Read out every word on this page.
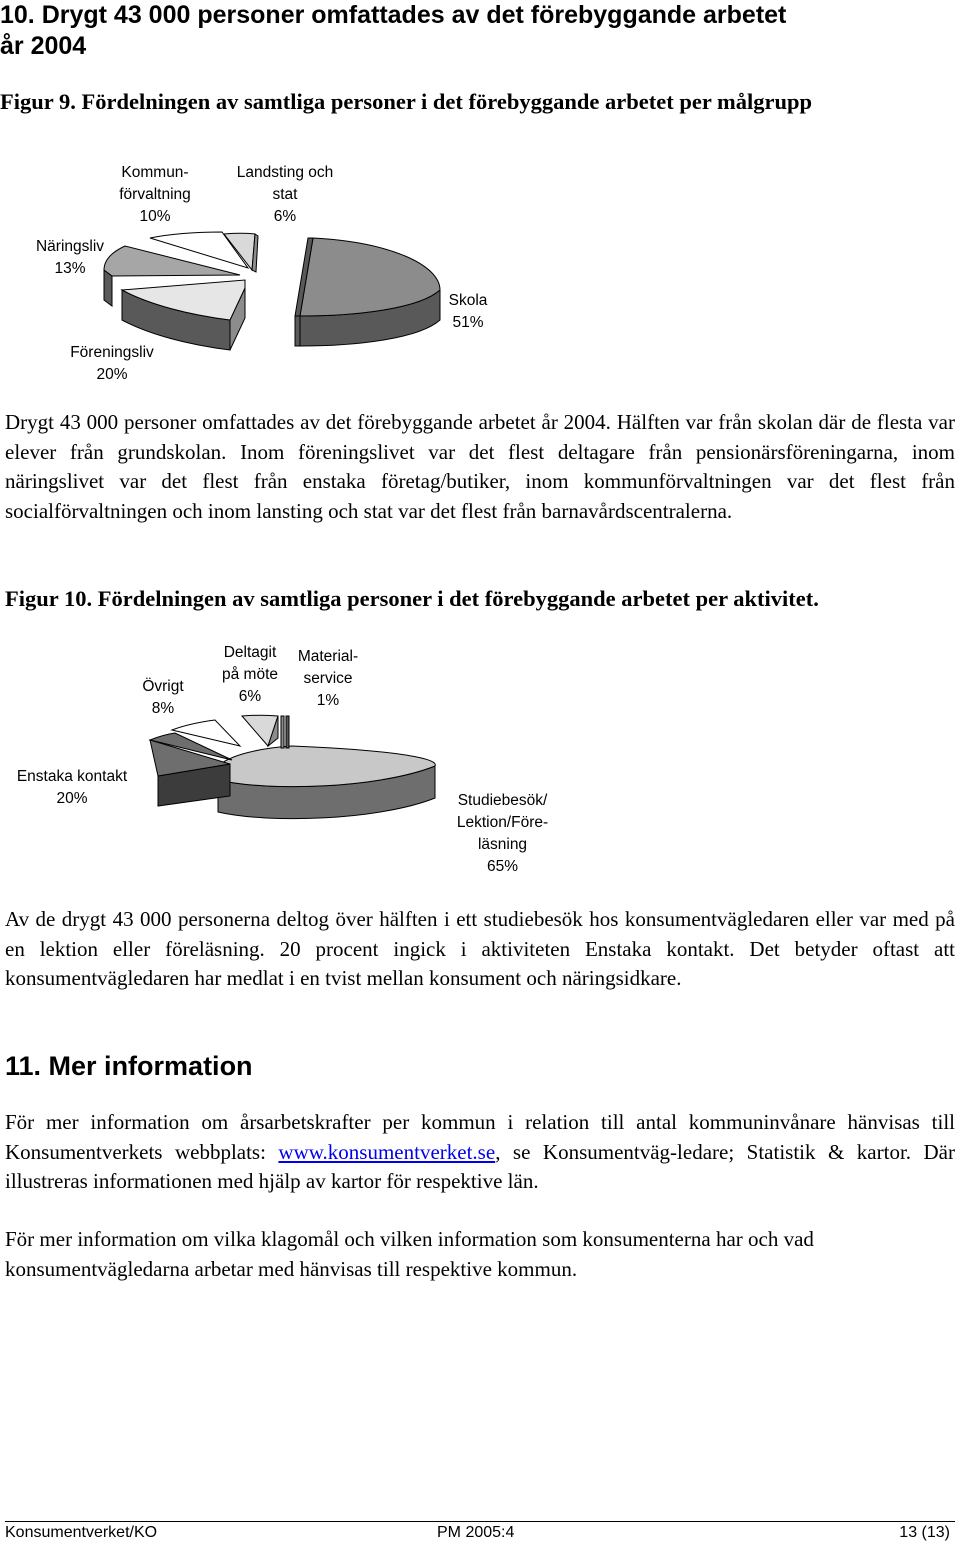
10. Drygt 43 000 personer omfattades av det förebyggande arbetet
år 2004

Figur 9. Fördelningen av samtliga personer i det förebyggande arbetet per målgrupp

Kommun-
förvaltning
10%
Landsting och
stat
6%
Näringsliv
13%
Skola
51%
Föreningsliv
20%

Drygt 43 000 personer omfattades av det förebyggande arbetet år 2004. Hälften var från skolan där de flesta var elever från grundskolan. Inom föreningslivet var det flest deltagare från pensionärsföreningarna, inom näringslivet var det flest från enstaka företag/butiker, inom kommunförvaltningen var det flest från socialförvaltningen och inom lansting och stat var det flest från barnavårdscentralerna.

Figur 10. Fördelningen av samtliga personer i det förebyggande arbetet per aktivitet.

Övrigt
8%
Deltagit
på möte
6%
Material-
service
1%
Enstaka kontakt
20%	Studiebesök/
Lektion/Före-
läsning
65%

Av de drygt 43 000 personerna deltog över hälften i ett studiebesök hos konsumentvägledaren eller var med på en lektion eller föreläsning. 20 procent ingick i aktiviteten Enstaka kontakt. Det betyder oftast att konsumentvägledaren har medlat i en tvist mellan konsument och näringsidkare.

11. Mer information

För mer information om årsarbetskrafter per kommun i relation till antal kommuninvånare hänvisas till Konsumentverkets webbplats: www.konsumentverket.se, se Konsumentväg-ledare; Statistik & kartor. Där illustreras informationen med hjälp av kartor för respektive län.

För mer information om vilka klagomål och vilken information som konsumenterna har och vad konsumentvägledarna arbetar med hänvisas till respektive kommun.

Konsumentverket/KO	PM 2005:4	13 (13)
